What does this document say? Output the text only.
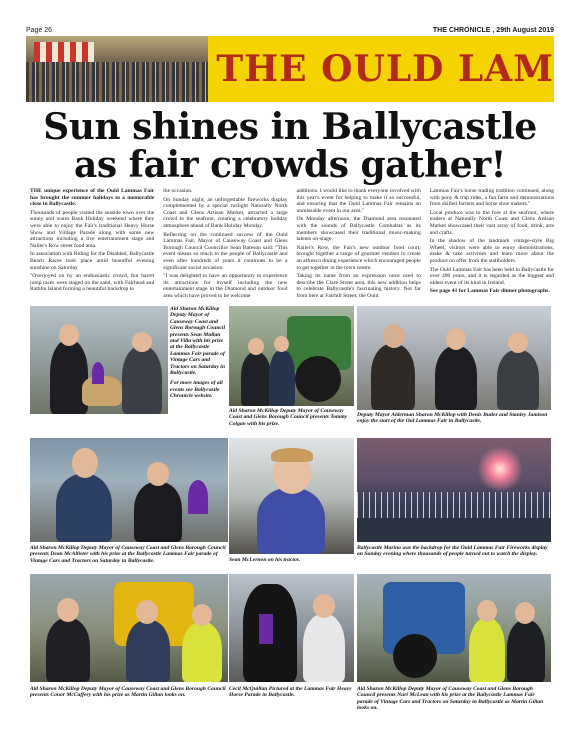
Page 26	THE CHRONICLE , 29th August 2019
THE OULD LAM
Sun shines in Ballycastle
as fair crowds gather!

THE unique experience of the Ould Lammas Fair has brought the summer holidays to a memorable close in Ballycastle.

Thousands of people visited the seaside town over the sunny and warm Bank Holiday weekend where they were able to enjoy the Fair's traditional Heavy Horse Show and Vintage Parade along with some new attractions including a live entertainment stage and Nailer's Row street food area.

In association with Riding for the Disabled, Ballycastle Beach Races took place amid beautiful evening sunshine on Saturday

"Overjoyed on by an enthusiastic crowd, fun barrel jump races were staged on the sand, with Fairhead and Rathlin Island forming a beautiful backdrop to

the occasion.

On Sunday night, an unforgettable fireworks display complemented by a special twilight Naturally North Coast and Glens Artisan Market, attracted a large crowd to the seafront, creating a celebratory holiday atmosphere ahead of Bank Holiday Monday.

Reflecting on the continued success of the Ould Lammas Fair, Mayor of Causeway Coast and Glens Borough Council Councillor Sean Bateson said: "This event means so much to the people of Ballycastle and even after hundreds of years it continues to be a significant social occasion.

"I was delighted to have an opportunity to experience its attractions for myself including the new entertainment stage in the Diamond and outdoor food area which have proved to be welcome

additions. I would like to thank everyone involved with this year's event for helping to make it so successful, and ensuring that the Ould Lammas Fair remains an unmissable event in our area."

On Monday afternoon, the Diamond area resonated with the sounds of Ballycastle Comhaltas as its members showcased their traditional music-making talents on-stage.

Nailer's Row, the Fair's new outdoor food court, brought together a range of gourmet vendors to create an alfresco dining experience which encouraged people to get together in the town centre.

Taking its name from an expression once used to describe the Clare Street area, this new addition helps to celebrate Ballycastle's fascinating history. Not far from here at Fairhill Street, the Ould

Lammas Fair's horse trading tradition continued, along with pony & trap rides, a fun farm and demonstrations from skilled farriers and horse shoe makers."

Local produce was to the fore at the seafront, where traders at Naturally North Coast and Glens Artisan Market showcased their vast array of food, drink, arts and crafts.

In the shadow of the landmark vintage-style Big Wheel, visitors were able to enjoy demonstrations, make & take activities and learn more about the produce on offer from the stallholders.

The Ould Lammas Fair has been held in Ballycastle for over 400 years, and it is regarded as the biggest and oldest event of its kind in Ireland.

See page 41 for Lammas Fair dinner photographs.

Ald Sharon McKillop Deputy Mayor of Causeway Coast and Glens Borough Council presents Sean Mullan and Villa with his prize at the Ballycastle Lammas Fair parade of Vintage Cars and Tractors on Saturday in Ballycastle.
For more images of all events see Ballycastle Chronicle website.
Ald Sharon McKillop Deputy Mayor of Causeway Coast and Glens Borough Council presents Tommy Colgan with his prize.
Deputy Mayor Alderman Sharon McKillop with Denis Butler and Stanley Jamison enjoy the start of the Oul Lammas Fair in Ballycastle.
Ald Sharon McKillop Deputy Mayor of Causeway Coast and Glens Borough Council presents Dean McAllister with his prize at the Ballycastle Lammas Fair parade of Vintage Cars and Tractors on Saturday in Ballycastle.	Sean McLernon on his tractor.
Ballycastle Marina was the backdrop for the Ould Lammas Fair Fireworks display on Sunday evening where thousands of people turned out to watch the display.
Ald Sharon McKillop Deputy Mayor of Causeway Coast and Glens Borough Council presents Conor McCaffery with his prize as Martin Gillan looks on.
Cecil McQuillan Pictured at the Lammas Fair Heavy Horse Parade in Ballycastle.
Ald Sharon McKillop Deputy Mayor of Causeway Coast and Glens Borough Council presents Nuri McLean with his prize at the Ballycastle Lammas Fair parade of Vintage Cars and Tractors on Saturday in Ballycastle as Martin Gillan looks on.
